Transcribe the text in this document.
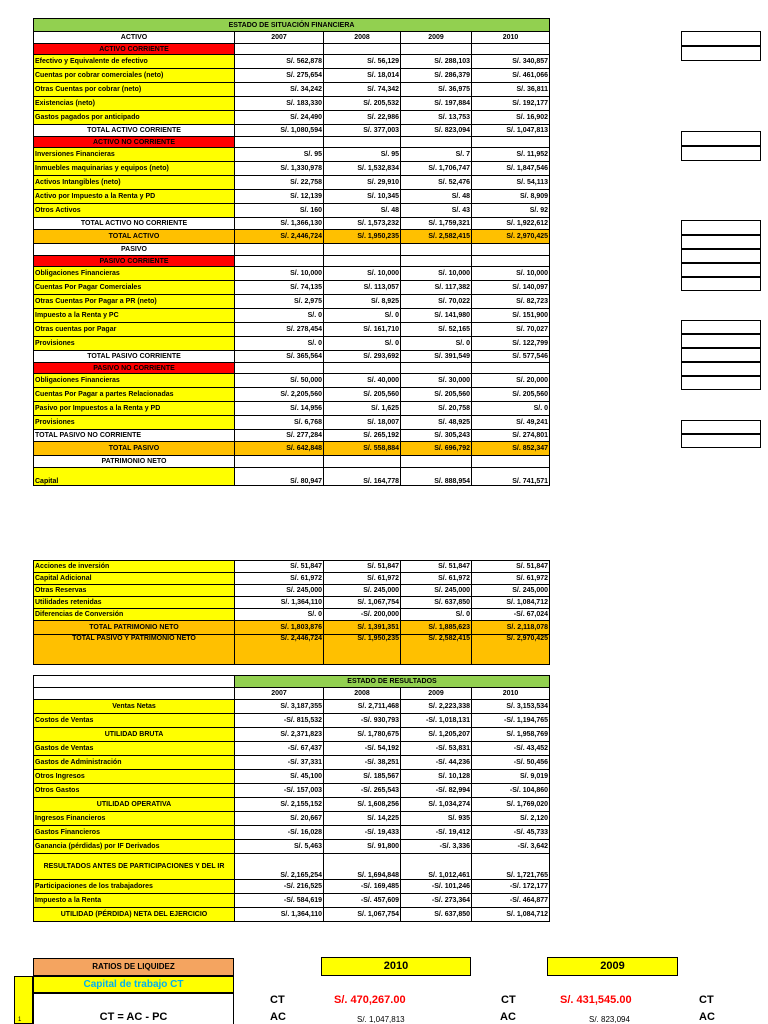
ESTADO DE SITUACIÓN FINANCIERA				
ACTIVO	2007	2008	2009	2010
ACTIVO CORRIENTE				
Efectivo y Equivalente de efectivo	S/. 562,878	S/. 56,129	S/. 288,103	S/. 340,857
Cuentas por cobrar comerciales (neto)	S/. 275,654	S/. 18,014	S/. 286,379	S/. 461,066
Otras Cuentas por cobrar (neto)	S/. 34,242	S/. 74,342	S/. 36,975	S/. 36,811
Existencias (neto)	S/. 183,330	S/. 205,532	S/. 197,884	S/. 192,177
Gastos pagados por anticipado	S/. 24,490	S/. 22,986	S/. 13,753	S/. 16,902
TOTAL ACTIVO CORRIENTE	S/. 1,080,594	S/. 377,003	S/. 823,094	S/. 1,047,813
ACTIVO NO CORRIENTE				
Inversiones Financieras	S/. 95	S/. 95	S/. 7	S/. 11,952
Inmuebles maquinarias y equipos (neto)	S/. 1,330,978	S/. 1,532,834	S/. 1,706,747	S/. 1,847,546
Activos Intangibles (neto)	S/. 22,758	S/. 29,910	S/. 52,476	S/. 54,113
Activo por Impuesto a la Renta y PD	S/. 12,139	S/. 10,345	S/. 48	S/. 8,909
Otros Activos	S/. 160	S/. 48	S/. 43	S/. 92
TOTAL ACTIVO NO CORRIENTE	S/. 1,366,130	S/. 1,573,232	S/. 1,759,321	S/. 1,922,612
TOTAL ACTIVO	S/. 2,446,724	S/. 1,950,235	S/. 2,582,415	S/. 2,970,425
PASIVO				
PASIVO CORRIENTE				
Obligaciones Financieras	S/. 10,000	S/. 10,000	S/. 10,000	S/. 10,000
Cuentas Por Pagar Comerciales	S/. 74,135	S/. 113,057	S/. 117,382	S/. 140,097
Otras Cuentas Por Pagar a PR (neto)	S/. 2,975	S/. 8,925	S/. 70,022	S/. 82,723
Impuesto a la Renta y PC	S/. 0	S/. 0	S/. 141,980	S/. 151,900
Otras cuentas por Pagar	S/. 278,454	S/. 161,710	S/. 52,165	S/. 70,027
Provisiones	S/. 0	S/. 0	S/. 0	S/. 122,799
TOTAL PASIVO CORRIENTE	S/. 365,564	S/. 293,692	S/. 391,549	S/. 577,546
PASIVO NO CORRIENTE				
Obligaciones Financieras	S/. 50,000	S/. 40,000	S/. 30,000	S/. 20,000
Cuentas Por Pagar a partes Relacionadas	S/. 2,205,560	S/. 205,560	S/. 205,560	S/. 205,560
Pasivo por Impuestos a la Renta y PD	S/. 14,956	S/. 1,625	S/. 20,758	S/. 0
Provisiones	S/. 6,768	S/. 18,007	S/. 48,925	S/. 49,241
TOTAL PASIVO NO CORRIENTE	S/. 277,284	S/. 265,192	S/. 305,243	S/. 274,801
TOTAL PASIVO	S/. 642,848	S/. 558,884	S/. 696,792	S/. 852,347
PATRIMONIO NETO				
Capital	S/. 80,947	S/. 164,778	S/. 888,954	S/. 741,571
Acciones de inversión	S/. 51,847	S/. 51,847	S/. 51,847	S/. 51,847
Capital Adicional	S/. 61,972	S/. 61,972	S/. 61,972	S/. 61,972
Otras Reservas	S/. 245,000	S/. 245,000	S/. 245,000	S/. 245,000
Utilidades retenidas	S/. 1,364,110	S/. 1,067,754	S/. 637,850	S/. 1,084,712
Diferencias de Conversión	S/. 0	-S/. 200,000	S/. 0	-S/. 67,024
TOTAL PATRIMONIO NETO	S/. 1,803,876	S/. 1,391,351	S/. 1,885,623	S/. 2,118,078
TOTAL PASIVO Y PATRIMONIO NETO	S/. 2,446,724	S/. 1,950,235	S/. 2,582,415	S/. 2,970,425
	ESTADO DE RESULTADOS			
	2007	2008	2009	2010
Ventas Netas	S/. 3,187,355	S/. 2,711,468	S/. 2,223,338	S/. 3,153,534
Costos de Ventas	-S/. 815,532	-S/. 930,793	-S/. 1,018,131	-S/. 1,194,765
UTILIDAD BRUTA	S/. 2,371,823	S/. 1,780,675	S/. 1,205,207	S/. 1,958,769
Gastos de Ventas	-S/. 67,437	-S/. 54,192	-S/. 53,831	-S/. 43,452
Gastos de Administración	-S/. 37,331	-S/. 38,251	-S/. 44,236	-S/. 50,456
Otros Ingresos	S/. 45,100	S/. 185,567	S/. 10,128	S/. 9,019
Otros Gastos	-S/. 157,003	-S/. 265,543	-S/. 82,994	-S/. 104,860
UTILIDAD OPERATIVA	S/. 2,155,152	S/. 1,608,256	S/. 1,034,274	S/. 1,769,020
Ingresos Financieros	S/. 20,667	S/. 14,225	S/. 935	S/. 2,120
Gastos Financieros	-S/. 16,028	-S/. 19,433	-S/. 19,412	-S/. 45,733
Ganancia (pérdidas) por IF Derivados	S/. 5,463	S/. 91,800	-S/. 3,336	-S/. 3,642
RESULTADOS ANTES DE PARTICIPACIONES Y DEL IR	S/. 2,165,254	S/. 1,694,848	S/. 1,012,461	S/. 1,721,765
Participaciones de los trabajadores	-S/. 216,525	-S/. 169,485	-S/. 101,246	-S/. 172,177
Impuesto a la Renta	-S/. 584,619	-S/. 457,609	-S/. 273,364	-S/. 464,877
UTILIDAD (PÉRDIDA) NETA DEL EJERCICIO	S/. 1,364,110	S/. 1,067,754	S/. 637,850	S/. 1,084,712
RATIOS DE LIQUIDEZ	2010	2009
Capital de trabajo CT
1	CT = AC - PC
CT
AC
S/. 470,267.00
S/. 1,047,813
CT
AC
S/. 431,545.00
S/. 823,094
CT
AC
